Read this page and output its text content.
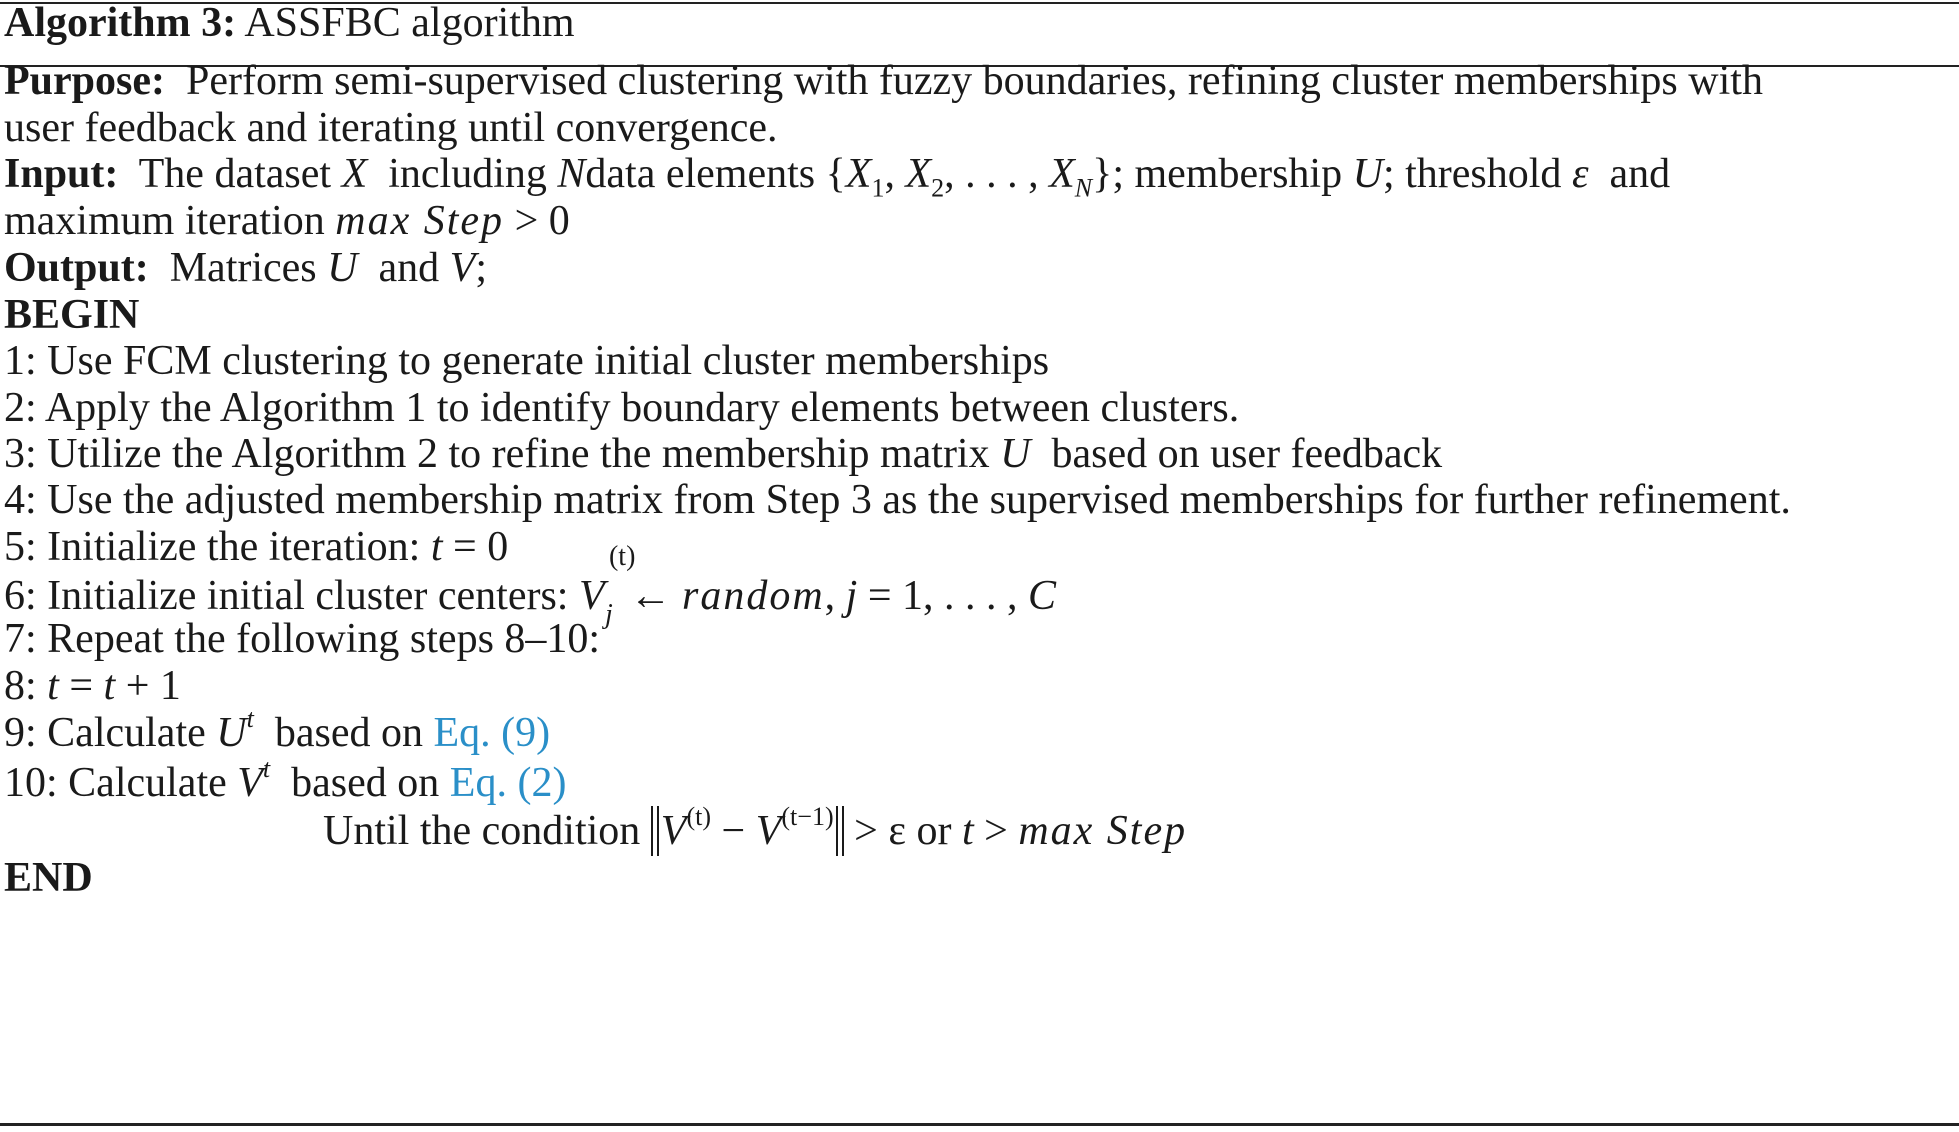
Algorithm 3: ASSFBC algorithm
Purpose: Perform semi-supervised clustering with fuzzy boundaries, refining cluster memberships with
user feedback and iterating until convergence.
Input: The dataset X including Ndata elements {$X_1$, $X_2$, . . . , $X_N$}; membership U; threshold ε and
maximum iteration max Step > 0
Output: Matrices U and V;
BEGIN
1: Use FCM clustering to generate initial cluster memberships
2: Apply the Algorithm 1 to identify boundary elements between clusters.
3: Utilize the Algorithm 2 to refine the membership matrix U based on user feedback
4: Use the adjusted membership matrix from Step 3 as the supervised memberships for further refinement.
5: Initialize the iteration: t = 0
6: Initialize initial cluster centers: V
(t)
j ← random, j = 1, . . . , C
7: Repeat the following steps 8–10:
8: t = t + 1
9: Calculate $U^t$ based on Eq. (9)
10: Calculate $V^t$ based on Eq. (2)
Until the condition $V^{(t)} - V^{(t-1)} > \varepsilon$ or t > max Step
END
